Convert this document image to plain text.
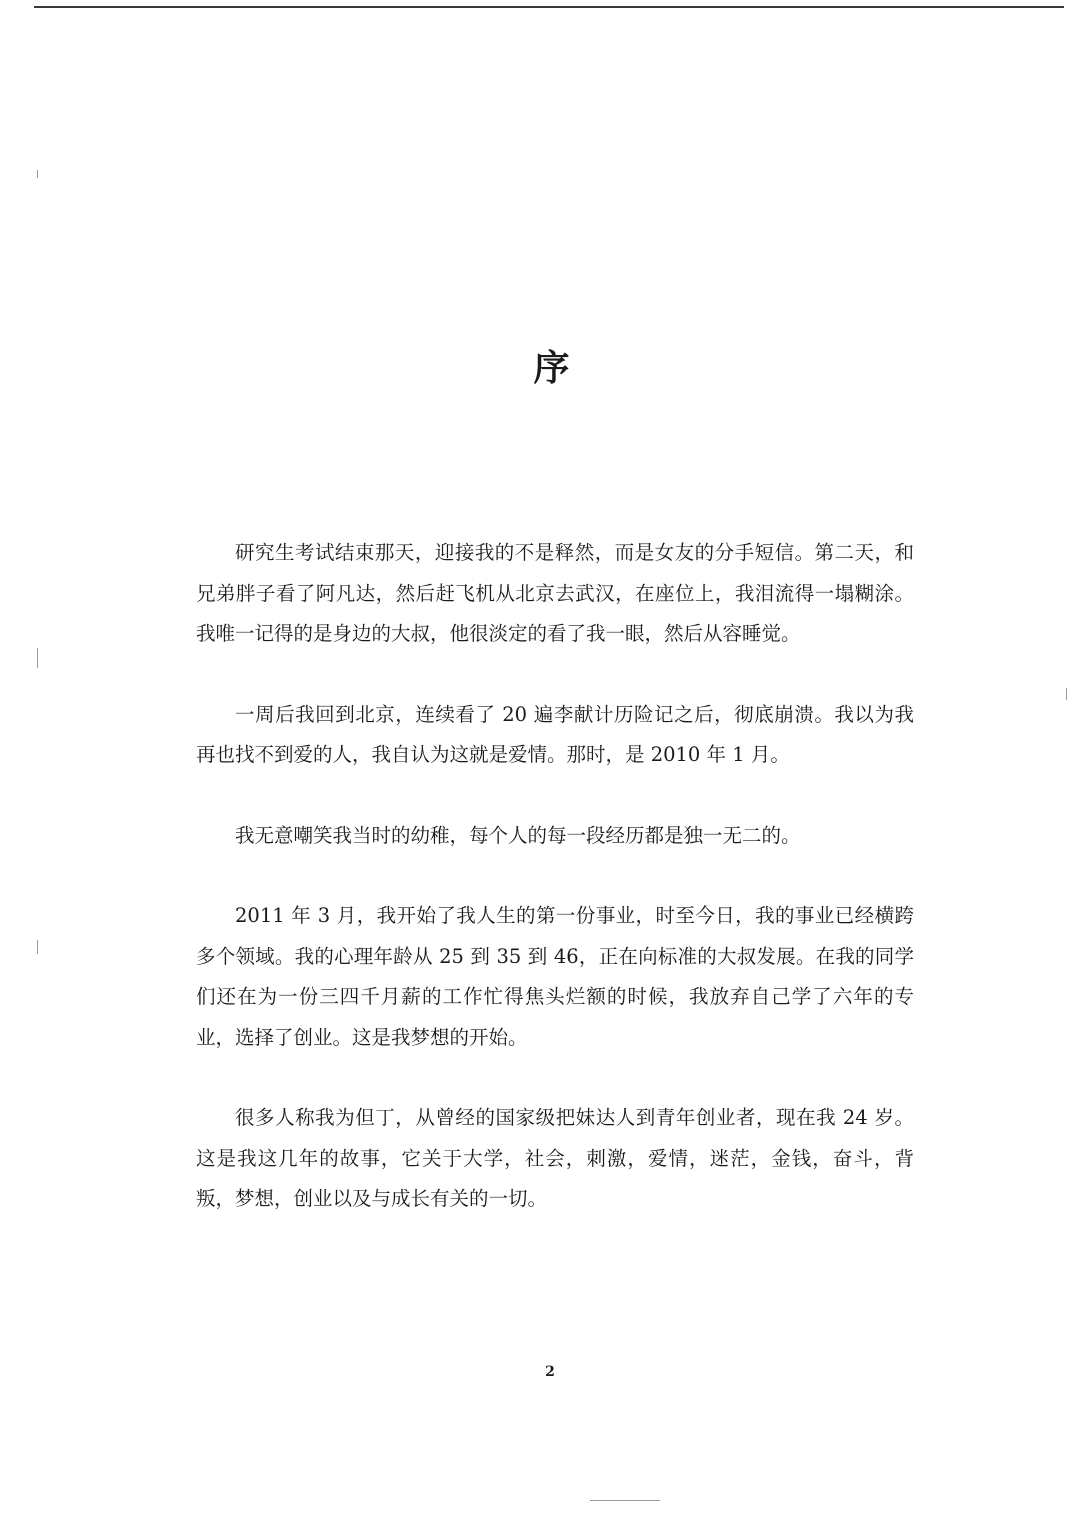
序

研究生考试结束那天，迎接我的不是释然，而是女友的分手短信。第二天，和兄弟胖子看了阿凡达，然后赶飞机从北京去武汉，在座位上，我泪流得一塌糊涂。我唯一记得的是身边的大叔，他很淡定的看了我一眼，然后从容睡觉。

一周后我回到北京，连续看了 20 遍李献计历险记之后，彻底崩溃。我以为我再也找不到爱的人，我自认为这就是爱情。那时，是 2010 年 1 月。

我无意嘲笑我当时的幼稚，每个人的每一段经历都是独一无二的。

2011 年 3 月，我开始了我人生的第一份事业，时至今日，我的事业已经横跨多个领域。我的心理年龄从 25 到 35 到 46，正在向标准的大叔发展。在我的同学们还在为一份三四千月薪的工作忙得焦头烂额的时候，我放弃自己学了六年的专业，选择了创业。这是我梦想的开始。

很多人称我为但丁，从曾经的国家级把妹达人到青年创业者，现在我 24 岁。这是我这几年的故事，它关于大学，社会，刺激，爱情，迷茫，金钱，奋斗，背叛，梦想，创业以及与成长有关的一切。

2
